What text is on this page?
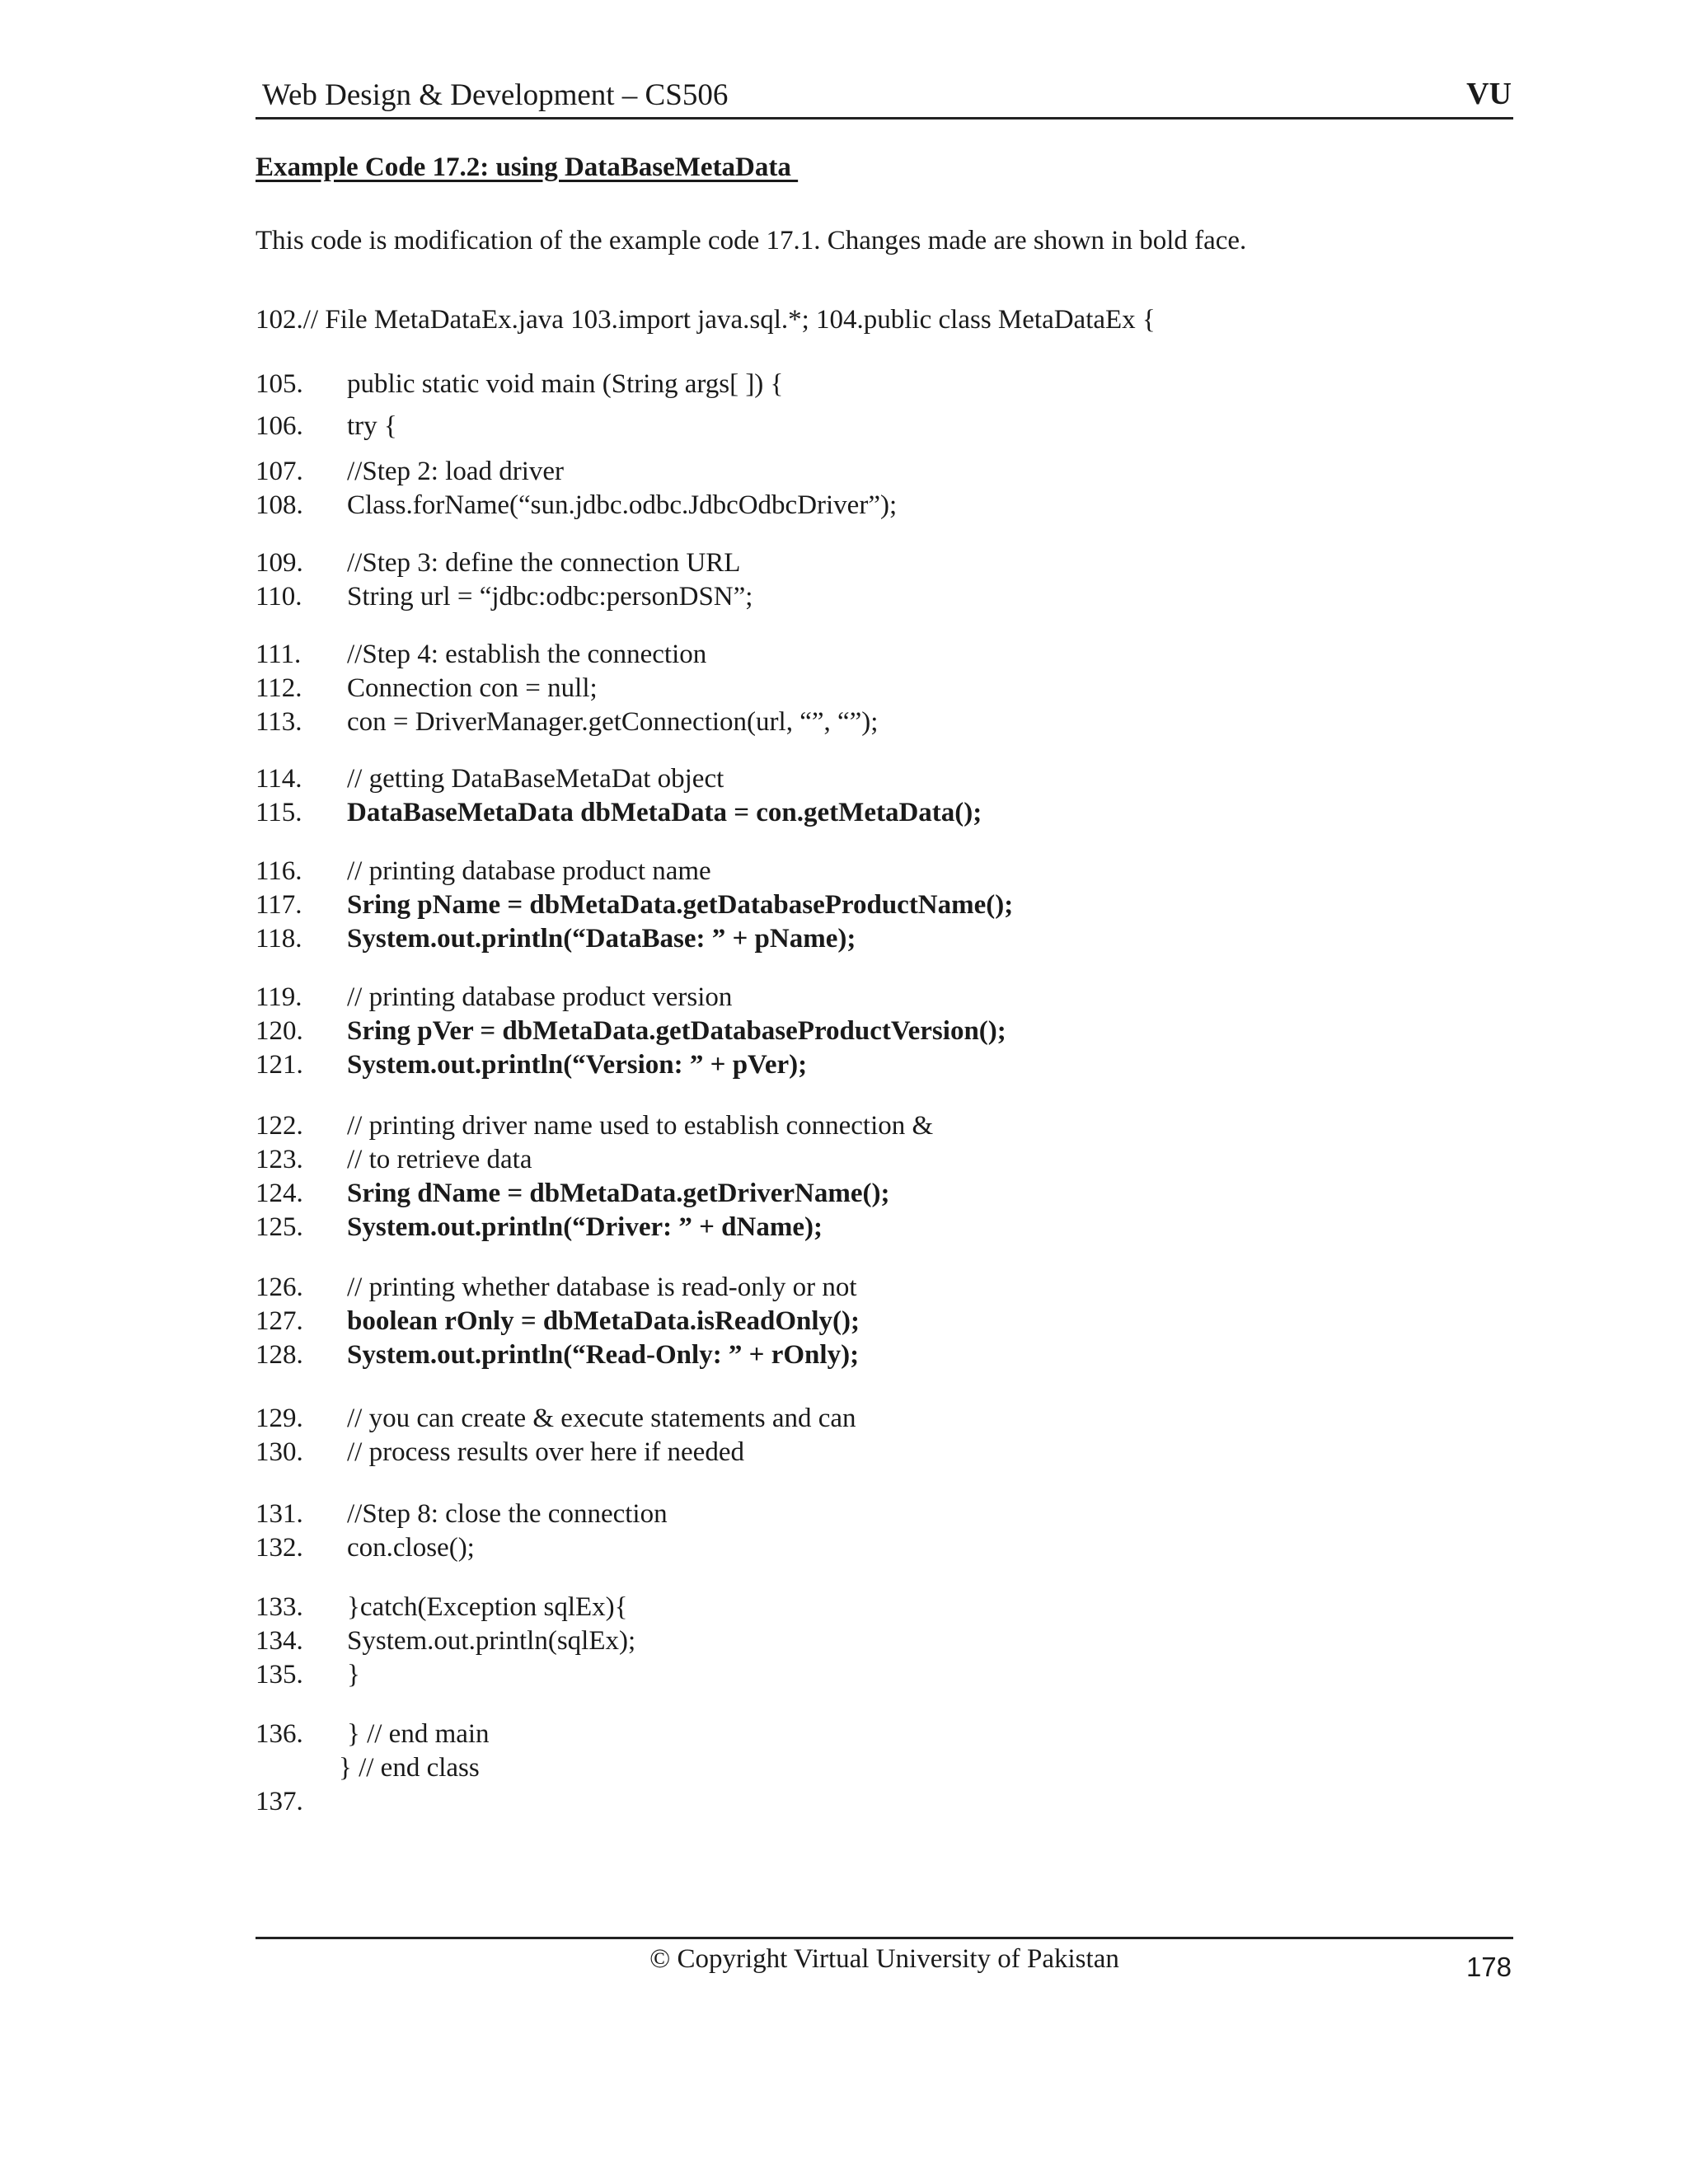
Web Design & Development – CS506	VU
Example Code 17.2: using DataBaseMetaData
This code is modification of the example code 17.1. Changes made are shown in bold face.
102.// File MetaDataEx.java 103.import java.sql.*; 104.public class MetaDataEx {
105. public static void main (String args[ ]) {
106. try {
107. //Step 2: load driver
108. Class.forName(“sun.jdbc.odbc.JdbcOdbcDriver”);
109. //Step 3: define the connection URL
110. String url = “jdbc:odbc:personDSN”;
111. //Step 4: establish the connection
112. Connection con = null;
113. con = DriverManager.getConnection(url, “”, “”);
114. // getting DataBaseMetaDat object
115. DataBaseMetaData dbMetaData = con.getMetaData();
116. // printing database product name
117. Sring pName = dbMetaData.getDatabaseProductName();
118. System.out.println(“DataBase: ” + pName);
119. // printing database product version
120. Sring pVer = dbMetaData.getDatabaseProductVersion();
121. System.out.println(“Version: ” + pVer);
122. // printing driver name used to establish connection &
123. // to retrieve data
124. Sring dName = dbMetaData.getDriverName();
125. System.out.println(“Driver: ” + dName);
126. // printing whether database is read-only or not
127. boolean rOnly = dbMetaData.isReadOnly();
128. System.out.println(“Read-Only: ” + rOnly);
129. // you can create & execute statements and can
130. // process results over here if needed
131. //Step 8: close the connection
132. con.close();
133. }catch(Exception sqlEx){
134. System.out.println(sqlEx);
135. }
136. } // end main
} // end class
137.
© Copyright Virtual University of Pakistan	178
